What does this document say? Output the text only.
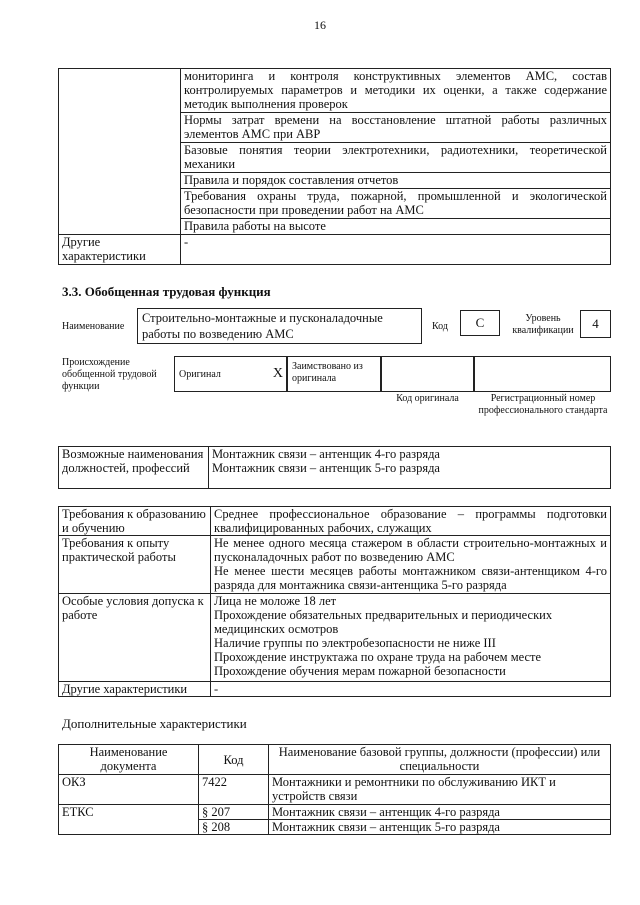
16
	мониторинга и контроля конструктивных элементов АМС, состав контролируемых параметров и методики их оценки, а также содержание методик выполнения проверок
	Нормы затрат времени на восстановление штатной работы различных элементов АМС при АВР
	Базовые понятия теории электротехники, радиотехники, теоретической механики
	Правила и порядок составления отчетов
	Требования охраны труда, пожарной, промышленной и экологической безопасности при проведении работ на АМС
	Правила работы на высоте
Другие характеристики	-
3.3. Обобщенная трудовая функция
Наименование
Строительно-монтажные и пусконаладочные работы по возведению АМС
Код	C	Уровень квалификации	4
Происхождение обобщенной трудовой функции
Оригинал	X Заимствовано из оригинала
Код оригинала	Регистрационный номер профессионального стандарта
Возможные наименования должностей, профессий	
Монтажник связи – антенщик 4-го разряда
Монтажник связи – антенщик 5-го разряда
Требования к образованию и обучению	Среднее профессиональное образование – программы подготовки квалифицированных рабочих, служащих
Требования к опыту практической работы	Не менее одного месяца стажером в области строительно-монтажных и пусконаладочных работ по возведению АМС
Не менее шести месяцев работы монтажником связи-антенщиком 4-го разряда для монтажника связи-антенщика 5-го разряда

Особые условия допуска к работе	Лица не моложе 18 лет
Прохождение обязательных предварительных и периодических медицинских осмотров
Наличие группы по электробезопасности не ниже III
Прохождение инструктажа по охране труда на рабочем месте
Прохождение обучения мерам пожарной безопасности

Другие характеристики	-
Дополнительные характеристики
Наименование документа	Код	Наименование базовой группы, должности (профессии) или специальности
ОКЗ	7422	Монтажники и ремонтники по обслуживанию ИКТ и устройств связи
ЕТКС	§ 207	Монтажник связи – антенщик 4-го разряда
	§ 208	Монтажник связи – антенщик 5-го разряда
